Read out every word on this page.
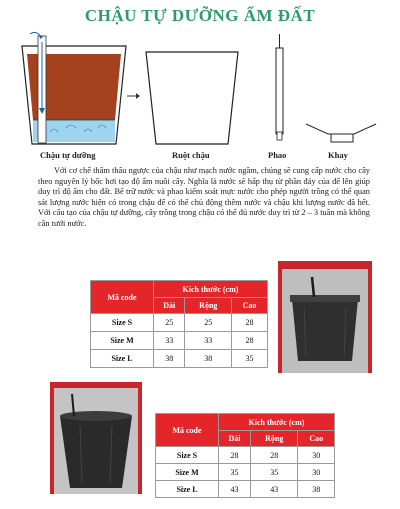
CHẬU TỰ DƯỠNG ẨM ĐẤT
Chậu tự dưỡng	Ruột chậu	Phao	Khay
Với cơ chế thẩm thấu ngược của chậu như mạch nước ngầm, chúng sẽ cung cấp nước cho cây theo nguyên lý bốc hơi tạo độ ẩm nuôi cây. Nghĩa là nước sẽ hấp thụ từ phần đáy của để lên giúp duy trì độ ẩm cho đất. Bể trữ nước và phao kiểm soát mực nước cho phép người trồng có thể quan sát lượng nước hiện có trong chậu để có thể chủ động thêm nước và chậu khi lượng nước đã hết. Với cấu tạo của chậu tự dưỡng, cây trồng trong chậu có thể đủ nước duy trì từ 2 – 3 tuần mà không cần tưới nước.
Mã code	Kích thước (cm)		
	Dài	Rộng	Cao
Size S	25	25	28
Size M	33	33	28
Size L	38	38	35
Mã code	Kích thước (cm)		
	Dài	Rộng	Cao
Size S	28	28	30
Size M	35	35	30
Size L	43	43	38
